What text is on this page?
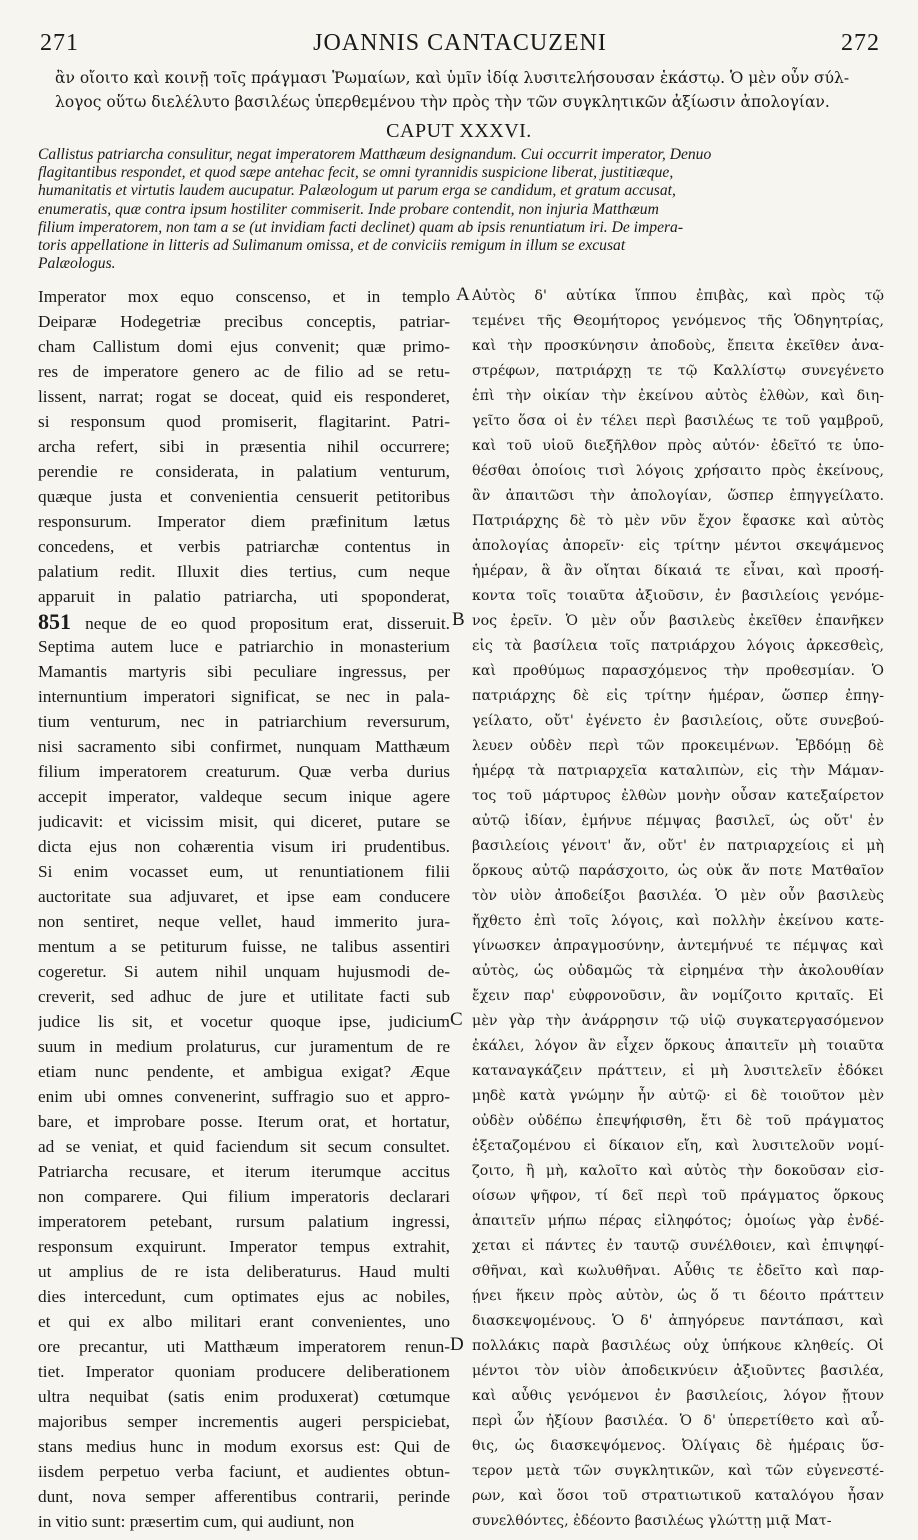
271	JOANNIS CANTACUZENI	272
ἂν οἴοιτο καὶ κοινῇ τοῖς πράγμασι Ῥωμαίων, καὶ ὑμῖν ἰδίᾳ λυσιτελήσουσαν ἑκάστῳ. Ὁ μὲν οὖν σύλ-
λογος οὕτω διελέλυτο βασιλέως ὑπερθεμένου τὴν πρὸς τὴν τῶν συγκλητικῶν ἀξίωσιν ἀπολογίαν.
CAPUT XXXVI.
Callistus patriarcha consulitur, negat imperatorem Matthæum designandum. Cui occurrit imperator, Denuo
flagitantibus respondet, et quod sæpe antehac fecit, se omni tyrannidis suspicione liberat, justitiæque,
humanitatis et virtutis laudem aucupatur. Palæologum ut parum erga se candidum, et gratum accusat,
enumeratis, quæ contra ipsum hostiliter commiserit. Inde probare contendit, non injuria Matthæum
filium imperatorem, non tam a se (ut invidiam facti declinet) quam ab ipsis renuntiatum iri. De impera-
toris appellatione in litteris ad Sulimanum omissa, et de conviciis remigum in illum se excusat
Palæologus.
Imperator mox equo conscenso, et in templo
Deiparæ Hodegetriæ precibus conceptis, patriar-
cham Callistum domi ejus convenit; quæ primo-
res de imperatore genero ac de filio ad se retu-
lissent, narrat; rogat se doceat, quid eis responderet,
si responsum quod promiserit, flagitarint. Patri-
archa refert, sibi in præsentia nihil occurrere;
perendie re considerata, in palatium venturum,
quæque justa et convenientia censuerit petitoribus
responsurum. Imperator diem præfinitum lætus
concedens, et verbis patriarchæ contentus in
palatium redit. Illuxit dies tertius, cum neque
apparuit in palatio patriarcha, uti spoponderat,
851 neque de eo quod propositum erat, disseruit.
Septima autem luce e patriarchio in monasterium
Mamantis martyris sibi peculiare ingressus, per
internuntium imperatori significat, se nec in pala-
tium venturum, nec in patriarchium reversurum,
nisi sacramento sibi confirmet, nunquam Matthæum
filium imperatorem creaturum. Quæ verba durius
accepit imperator, valdeque secum inique agere
judicavit: et vicissim misit, qui diceret, putare se
dicta ejus non cohærentia visum iri prudentibus.
Si enim vocasset eum, ut renuntiationem filii
auctoritate sua adjuvaret, et ipse eam conducere
non sentiret, neque vellet, haud immerito jura-
mentum a se petiturum fuisse, ne talibus assentiri
cogeretur. Si autem nihil unquam hujusmodi de-
creverit, sed adhuc de jure et utilitate facti sub
judice lis sit, et vocetur quoque ipse, judicium
suum in medium prolaturus, cur juramentum de re
etiam nunc pendente, et ambigua exigat? Æque
enim ubi omnes convenerint, suffragio suo et appro-
bare, et improbare posse. Iterum orat, et hortatur,
ad se veniat, et quid faciendum sit secum consultet.
Patriarcha recusare, et iterum iterumque accitus
non comparere. Qui filium imperatoris declarari
imperatorem petebant, rursum palatium ingressi,
responsum exquirunt. Imperator tempus extrahit,
ut amplius de re ista deliberaturus. Haud multi
dies intercedunt, cum optimates ejus ac nobiles,
et qui ex albo militari erant convenientes, uno
ore precantur, uti Matthæum imperatorem renun-
tiet. Imperator quoniam producere deliberationem
ultra nequibat (satis enim produxerat) cœtumque
majoribus semper incrementis augeri perspiciebat,
stans medius hunc in modum exorsus est: Qui de
iisdem perpetuo verba faciunt, et audientes obtun-
dunt, nova semper afferentibus contrarii, perinde
in vitio sunt: præsertim cum, qui audiunt, non
Αὐτὸς δ' αὐτίκα ἵππου ἐπιβὰς, καὶ πρὸς τῷ
τεμένει τῆς Θεομήτορος γενόμενος τῆς Ὁδηγητρίας,
καὶ τὴν προσκύνησιν ἀποδοὺς, ἔπειτα ἐκεῖθεν ἀνα-
στρέφων, πατριάρχῃ τε τῷ Καλλίστῳ συνεγένετο
ἐπὶ τὴν οἰκίαν τὴν ἐκείνου αὐτὸς ἐλθὼν, καὶ διη-
γεῖτο ὅσα οἱ ἐν τέλει περὶ βασιλέως τε τοῦ γαμβροῦ,
καὶ τοῦ υἱοῦ διεξῆλθον πρὸς αὐτόν· ἐδεῖτό τε ὑπο-
θέσθαι ὁποίοις τισὶ λόγοις χρήσαιτο πρὸς ἐκείνους,
ἂν ἀπαιτῶσι τὴν ἀπολογίαν, ὥσπερ ἐπηγγείλατο.
Πατριάρχης δὲ τὸ μὲν νῦν ἔχον ἔφασκε καὶ αὐτὸς
ἀπολογίας ἀπορεῖν· εἰς τρίτην μέντοι σκεψάμενος
ἡμέραν, ἃ ἂν οἴηται δίκαιά τε εἶναι, καὶ προσή-
κοντα τοῖς τοιαῦτα ἀξιοῦσιν, ἐν βασιλείοις γενόμε-
νος ἐρεῖν. Ὁ μὲν οὖν βασιλεὺς ἐκεῖθεν ἐπανῆκεν
εἰς τὰ βασίλεια τοῖς πατριάρχου λόγοις ἀρκεσθεὶς,
καὶ προθύμως παρασχόμενος τὴν προθεσμίαν. Ὁ
πατριάρχης δὲ εἰς τρίτην ἡμέραν, ὥσπερ ἐπηγ-
γείλατο, οὔτ' ἐγένετο ἐν βασιλείοις, οὔτε συνεβού-
λευεν οὐδὲν περὶ τῶν προκειμένων. Ἑβδόμῃ δὲ
ἡμέρᾳ τὰ πατριαρχεῖα καταλιπὼν, εἰς τὴν Μάμαν-
τος τοῦ μάρτυρος ἐλθὼν μονὴν οὖσαν κατεξαίρετον
αὐτῷ ἰδίαν, ἐμήνυε πέμψας βασιλεῖ, ὡς οὔτ' ἐν
βασιλείοις γένοιτ' ἄν, οὔτ' ἐν πατριαρχείοις εἰ μὴ
ὅρκους αὐτῷ παράσχοιτο, ὡς οὐκ ἄν ποτε Ματθαῖον
τὸν υἱὸν ἀποδείξοι βασιλέα. Ὁ μὲν οὖν βασιλεὺς
ἤχθετο ἐπὶ τοῖς λόγοις, καὶ πολλὴν ἐκείνου κατε-
γίνωσκεν ἀπραγμοσύνην, ἀντεμήνυέ τε πέμψας καὶ
αὐτὸς, ὡς οὐδαμῶς τὰ εἰρημένα τὴν ἀκολουθίαν
ἔχειν παρ' εὐφρονοῦσιν, ἂν νομίζοιτο κριταῖς. Εἰ
μὲν γὰρ τὴν ἀνάρρησιν τῷ υἱῷ συγκατεργασόμενον
ἐκάλει, λόγον ἂν εἶχεν ὅρκους ἀπαιτεῖν μὴ τοιαῦτα
καταναγκάζειν πράττειν, εἰ μὴ λυσιτελεῖν ἐδόκει
μηδὲ κατὰ γνώμην ἦν αὐτῷ· εἰ δὲ τοιοῦτον μὲν
οὐδὲν οὐδέπω ἐπεψήφισθη, ἔτι δὲ τοῦ πράγματος
ἐξεταζομένου εἰ δίκαιον εἴη, καὶ λυσιτελοῦν νομί-
ζοιτο, ἢ μὴ, καλοῖτο καὶ αὐτὸς τὴν δοκοῦσαν εἰσ-
οίσων ψῆφον, τί δεῖ περὶ τοῦ πράγματος ὅρκους
ἀπαιτεῖν μήπω πέρας εἰληφότος; ὁμοίως γὰρ ἐνδέ-
χεται εἰ πάντες ἐν ταυτῷ συνέλθοιεν, καὶ ἐπιψηφί-
σθῆναι, καὶ κωλυθῆναι. Αὖθις τε ἐδεῖτο καὶ παρ-
ῄνει ἥκειν πρὸς αὐτὸν, ὡς ὅ τι δέοιτο πράττειν
διασκεψομένους. Ὁ δ' ἀπηγόρευε παντάπασι, καὶ
πολλάκις παρὰ βασιλέως οὐχ ὑπήκουε κληθείς. Οἱ
μέντοι τὸν υἱὸν ἀποδεικνύειν ἀξιοῦντες βασιλέα,
καὶ αὖθις γενόμενοι ἐν βασιλείοις, λόγον ᾔτουν
περὶ ὧν ἠξίουν βασιλέα. Ὁ δ' ὑπερετίθετο καὶ αὖ-
θις, ὡς διασκεψόμενος. Ὀλίγαις δὲ ἡμέραις ὕσ-
τερον μετὰ τῶν συγκλητικῶν, καὶ τῶν εὐγενεστέ-
ρων, καὶ ὅσοι τοῦ στρατιωτικοῦ καταλόγου ἦσαν
συνελθόντες, ἐδέοντο βασιλέως γλώττῃ μιᾷ Ματ-
A
B
C
D
